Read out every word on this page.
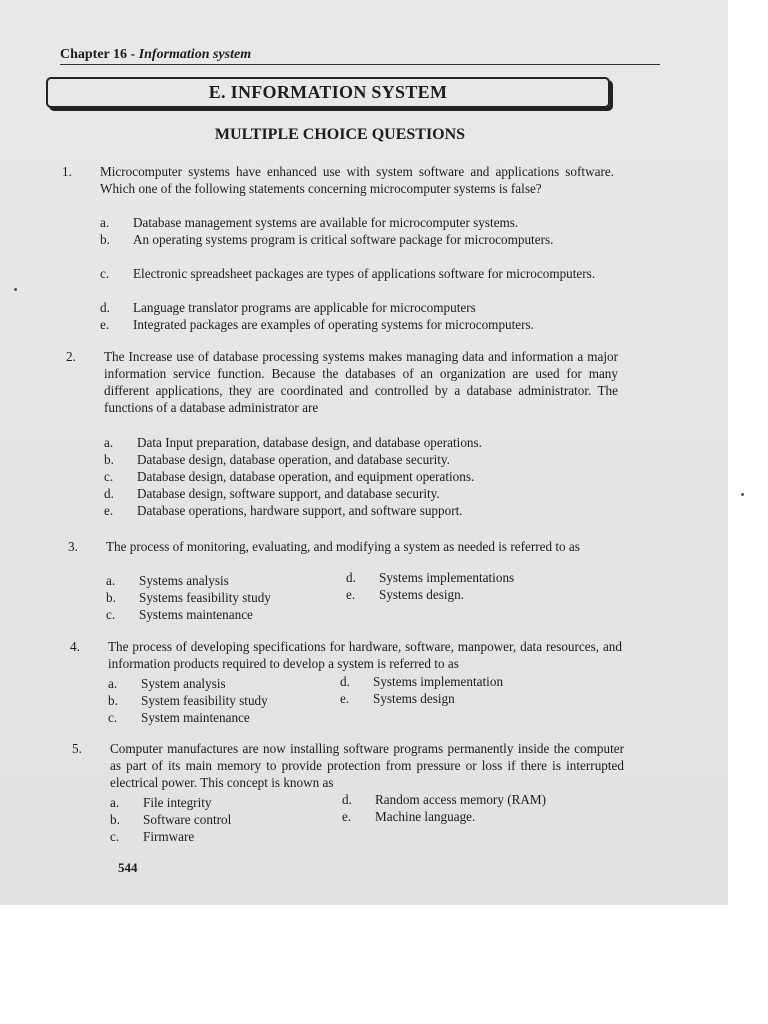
Chapter 16 - Information system
E. INFORMATION SYSTEM
MULTIPLE CHOICE QUESTIONS
1. Microcomputer systems have enhanced use with system software and applications software. Which one of the following statements concerning microcomputer systems is false?
a. Database management systems are available for microcomputer systems.
b. An operating systems program is critical software package for microcomputers.
c. Electronic spreadsheet packages are types of applications software for microcomputers.
d. Language translator programs are applicable for microcomputers
e. Integrated packages are examples of operating systems for microcomputers.
2. The Increase use of database processing systems makes managing data and information a major information service function. Because the databases of an organization are used for many different applications, they are coordinated and controlled by a database administrator. The functions of a database administrator are
a. Data Input preparation, database design, and database operations.
b. Database design, database operation, and database security.
c. Database design, database operation, and equipment operations.
d. Database design, software support, and database security.
e. Database operations, hardware support, and software support.
3. The process of monitoring, evaluating, and modifying a system as needed is referred to as
a. Systems analysis
b. Systems feasibility study
c. Systems maintenance
d. Systems implementations
e. Systems design.
4. The process of developing specifications for hardware, software, manpower, data resources, and information products required to develop a system is referred to as
a. System analysis
b. System feasibility study
c. System maintenance
d. Systems implementation
e. Systems design
5. Computer manufactures are now installing software programs permanently inside the computer as part of its main memory to provide protection from pressure or loss if there is interrupted electrical power. This concept is known as
a. File integrity
b. Software control
c. Firmware
d. Random access memory (RAM)
e. Machine language.
544
